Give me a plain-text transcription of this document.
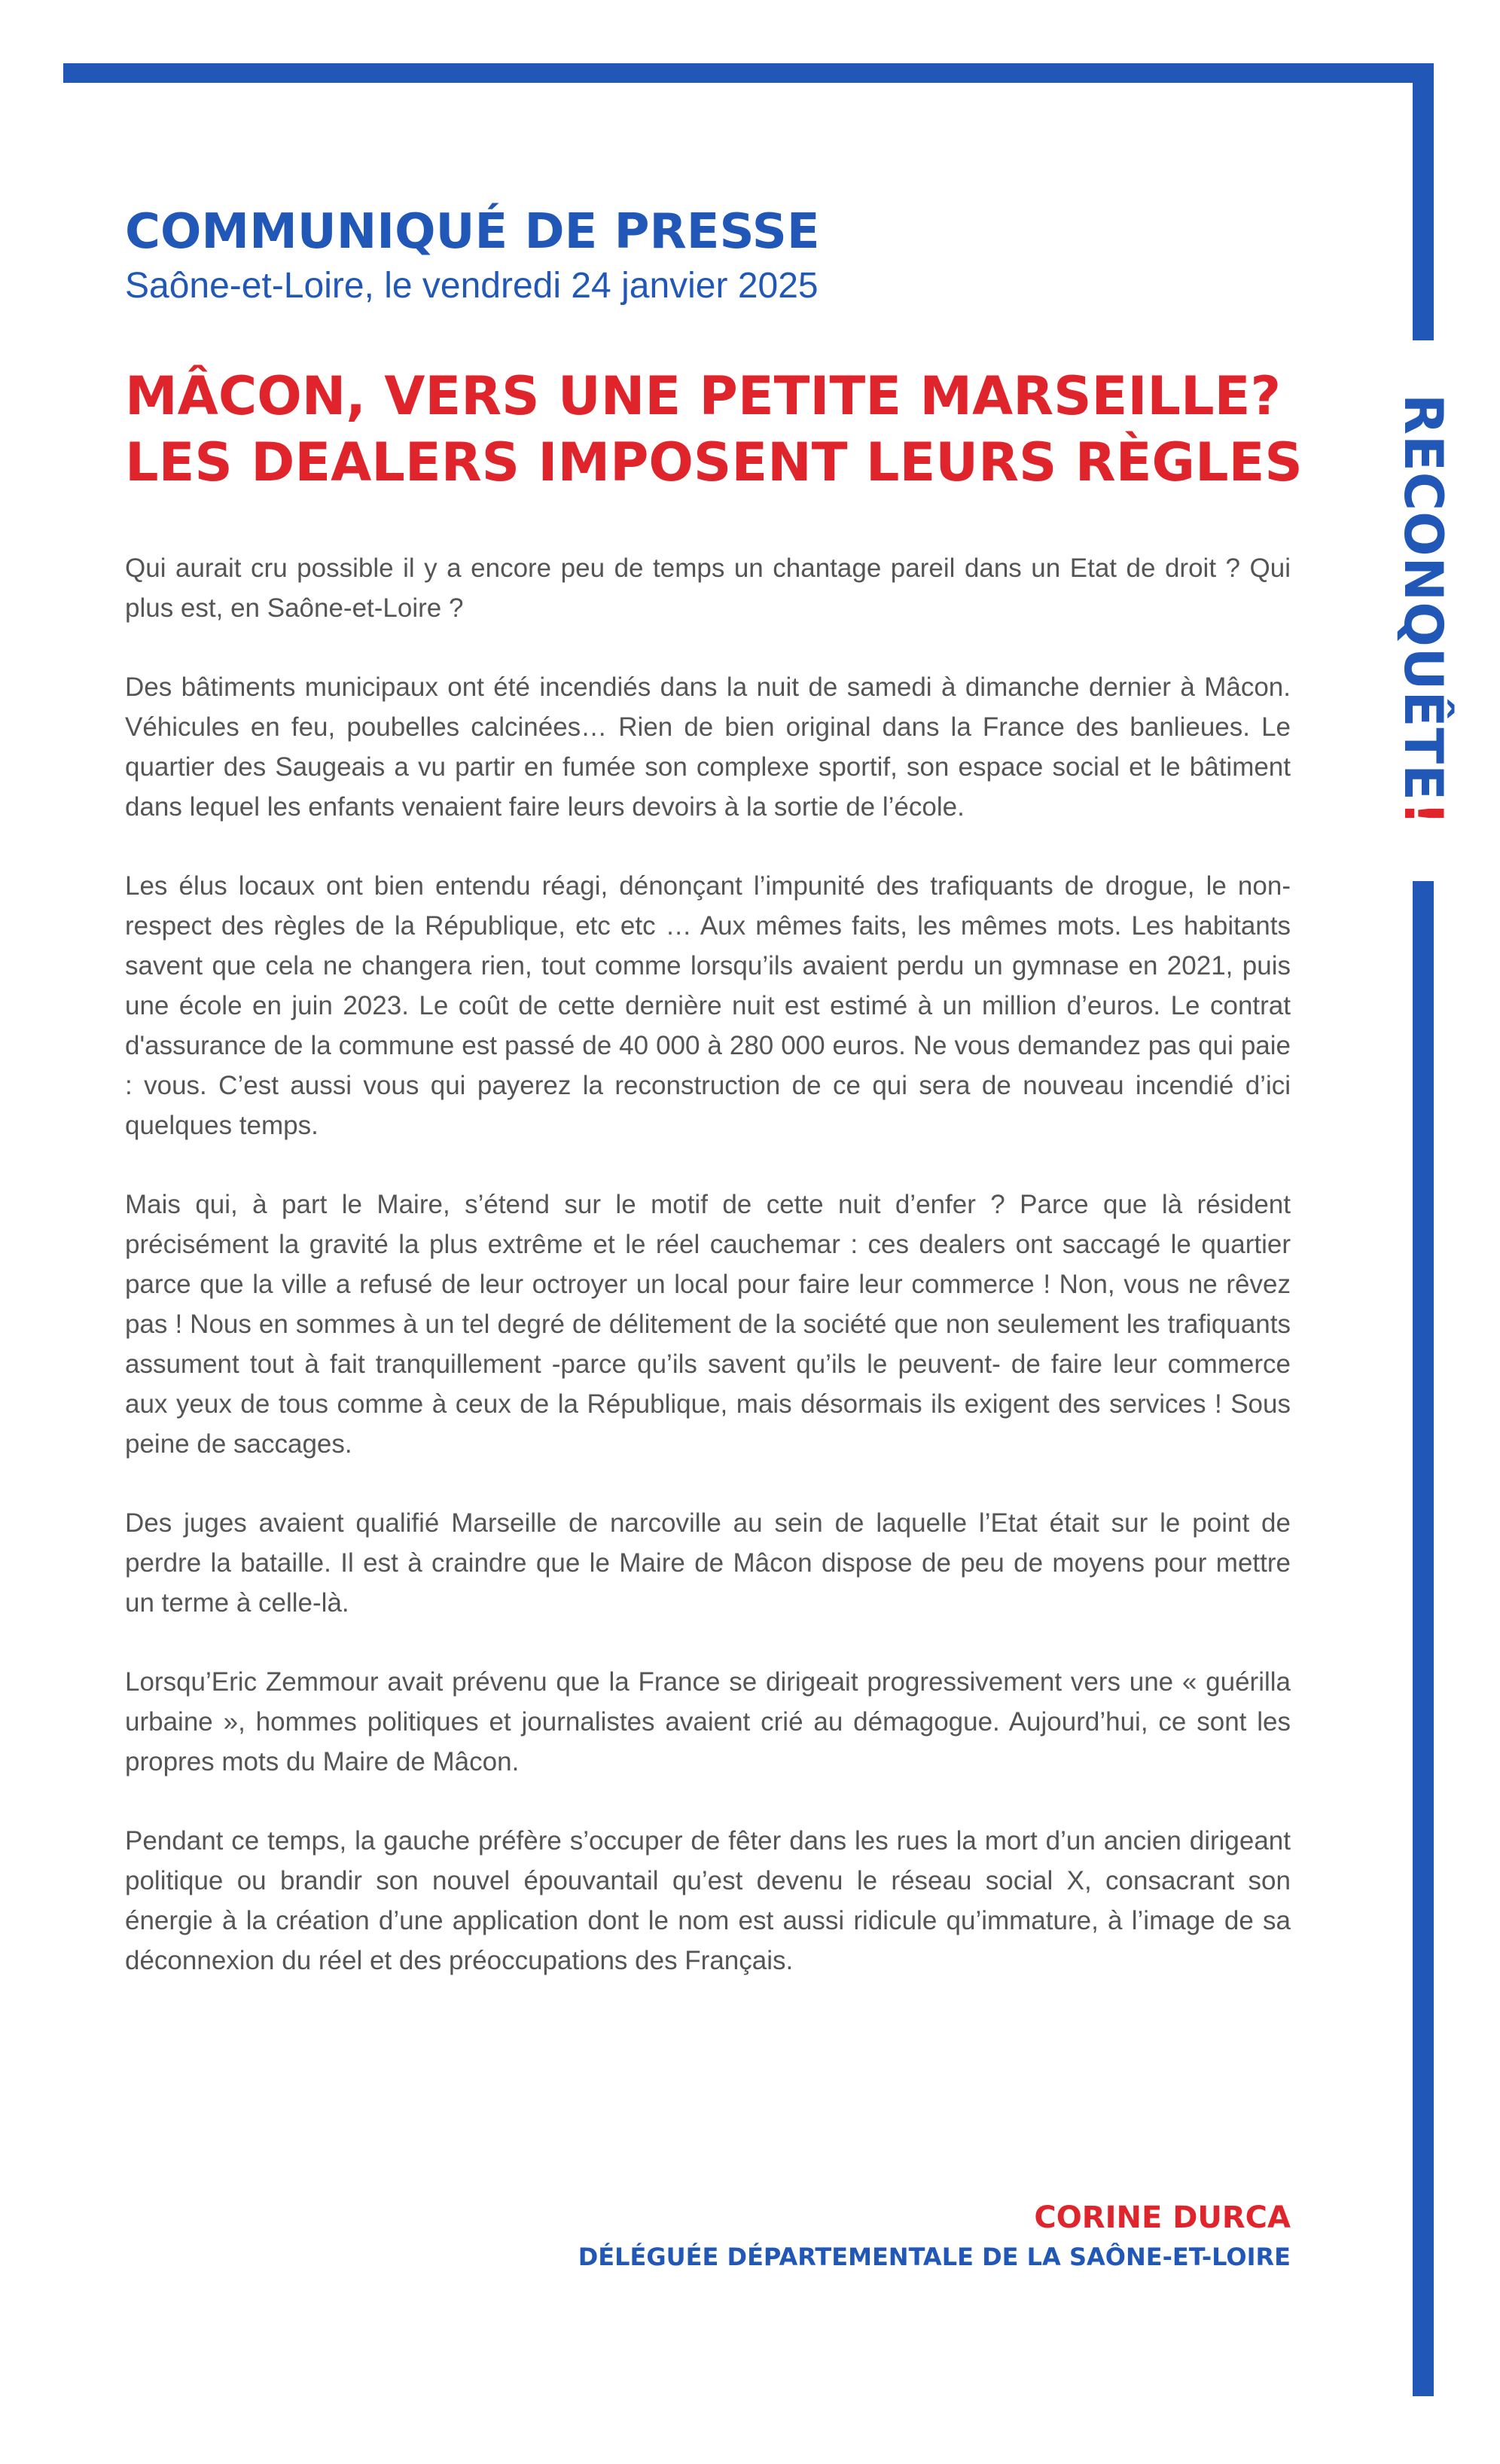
RECONQUÊTE!
COMMUNIQUÉ DE PRESSE

Saône-et-Loire, le vendredi 24 janvier 2025

MÂCON, VERS UNE PETITE MARSEILLE? LES DEALERS IMPOSENT LEURS RÈGLES

Qui aurait cru possible il y a encore peu de temps un chantage pareil dans un Etat de droit ? Qui plus est, en Saône-et-Loire ?

Des bâtiments municipaux ont été incendiés dans la nuit de samedi à dimanche dernier à Mâcon. Véhicules en feu, poubelles calcinées… Rien de bien original dans la France des banlieues. Le quartier des Saugeais a vu partir en fumée son complexe sportif, son espace social et le bâtiment dans lequel les enfants venaient faire leurs devoirs à la sortie de l’école.

Les élus locaux ont bien entendu réagi, dénonçant l’impunité des trafiquants de drogue, le non-respect des règles de la République, etc etc … Aux mêmes faits, les mêmes mots. Les habitants savent que cela ne changera rien, tout comme lorsqu’ils avaient perdu un gymnase en 2021, puis une école en juin 2023. Le coût de cette dernière nuit est estimé à un million d’euros. Le contrat d'assurance de la commune est passé de 40 000 à 280 000 euros. Ne vous demandez pas qui paie : vous. C’est aussi vous qui payerez la reconstruction de ce qui sera de nouveau incendié d’ici quelques temps.

Mais qui, à part le Maire, s’étend sur le motif de cette nuit d’enfer ? Parce que là résident précisément la gravité la plus extrême et le réel cauchemar : ces dealers ont saccagé le quartier parce que la ville a refusé de leur octroyer un local pour faire leur commerce ! Non, vous ne rêvez pas ! Nous en sommes à un tel degré de délitement de la société que non seulement les trafiquants assument tout à fait tranquillement -parce qu’ils savent qu’ils le peuvent- de faire leur commerce aux yeux de tous comme à ceux de la République, mais désormais ils exigent des services ! Sous peine de saccages.

Des juges avaient qualifié Marseille de narcoville au sein de laquelle l’Etat était sur le point de perdre la bataille. Il est à craindre que le Maire de Mâcon dispose de peu de moyens pour mettre un terme à celle-là.

Lorsqu’Eric Zemmour avait prévenu que la France se dirigeait progressivement vers une « guérilla urbaine », hommes politiques et journalistes avaient crié au démagogue. Aujourd’hui, ce sont les propres mots du Maire de Mâcon.

Pendant ce temps, la gauche préfère s’occuper de fêter dans les rues la mort d’un ancien dirigeant politique ou brandir son nouvel épouvantail qu’est devenu le réseau social X, consacrant son énergie à la création d’une application dont le nom est aussi ridicule qu’immature, à l’image de sa déconnexion du réel et des préoccupations des Français.

CORINE DURCA

DÉLÉGUÉE DÉPARTEMENTALE DE LA SAÔNE-ET-LOIRE
